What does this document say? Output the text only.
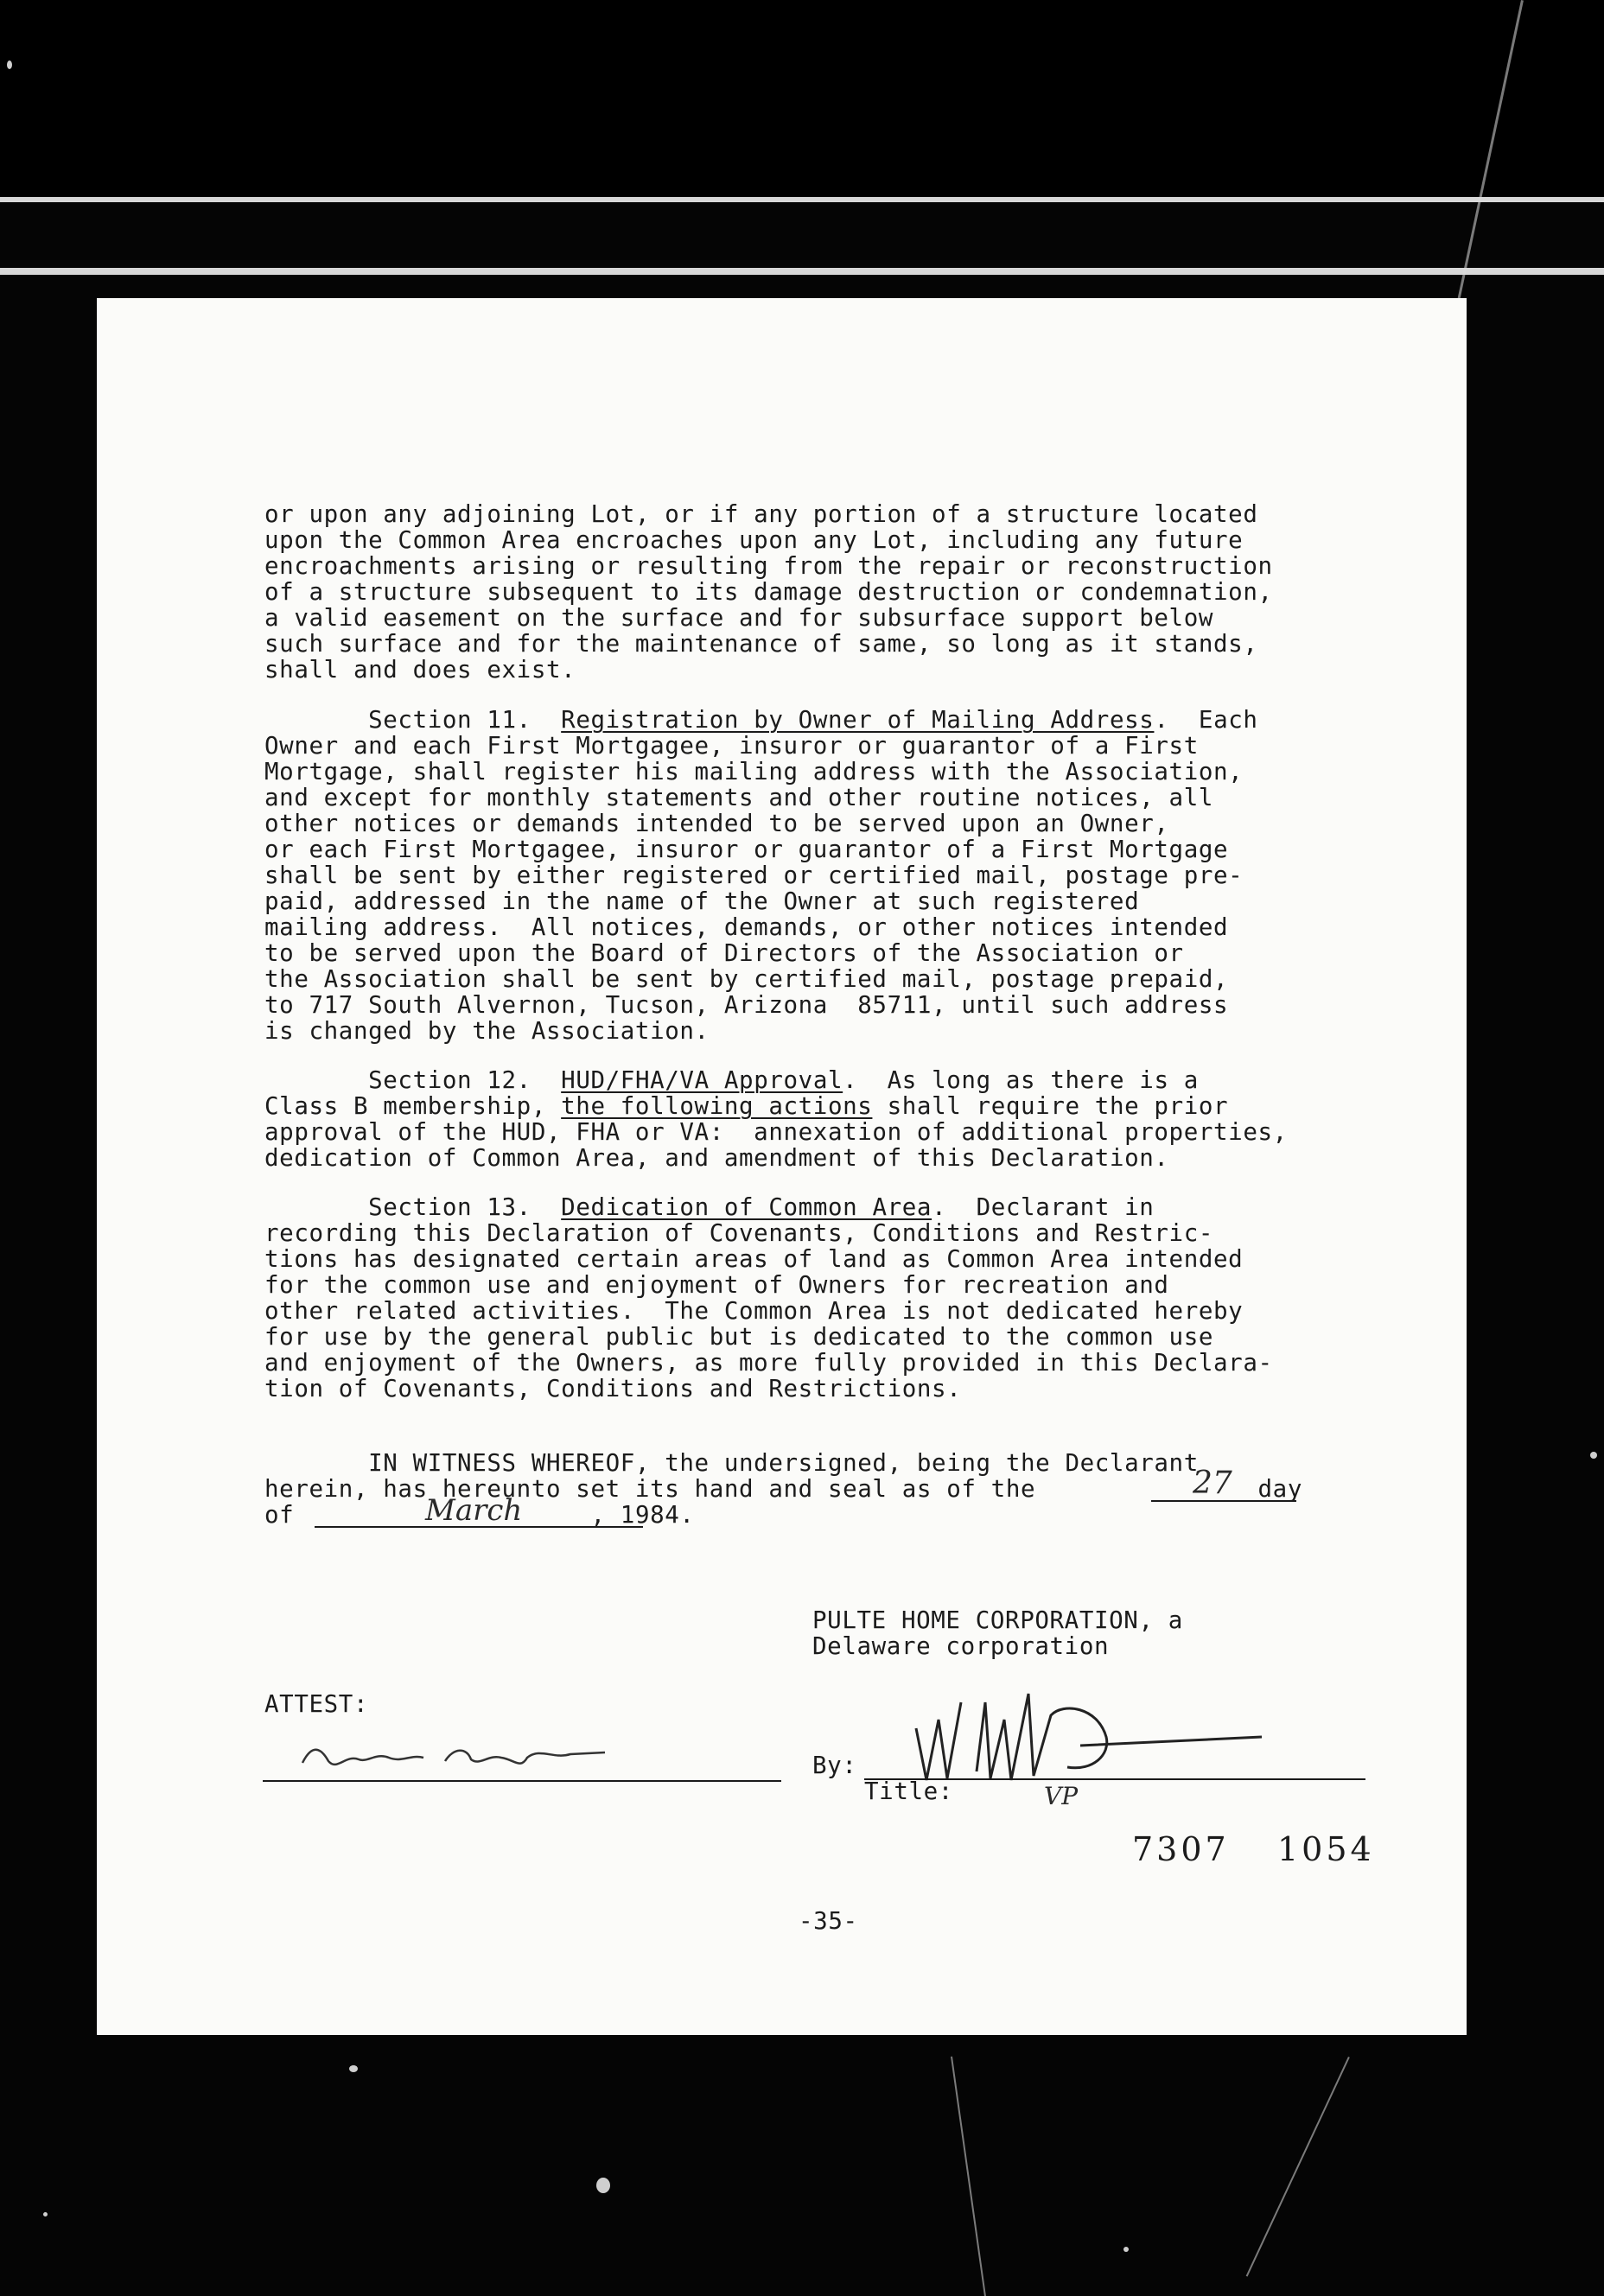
or upon any adjoining Lot, or if any portion of a structure located
upon the Common Area encroaches upon any Lot, including any future
encroachments arising or resulting from the repair or reconstruction
of a structure subsequent to its damage destruction or condemnation,
a valid easement on the surface and for subsurface support below
such surface and for the maintenance of same, so long as it stands,
shall and does exist.
Section 11. Registration by Owner of Mailing Address.  Each
Owner and each First Mortgagee, insuror or guarantor of a First
Mortgage, shall register his mailing address with the Association,
and except for monthly statements and other routine notices, all
other notices or demands intended to be served upon an Owner,
or each First Mortgagee, insuror or guarantor of a First Mortgage
shall be sent by either registered or certified mail, postage pre-
paid, addressed in the name of the Owner at such registered
mailing address.  All notices, demands, or other notices intended
to be served upon the Board of Directors of the Association or
the Association shall be sent by certified mail, postage prepaid,
to 717 South Alvernon, Tucson, Arizona  85711, until such address
is changed by the Association.
Section 12. HUD/FHA/VA Approval.  As long as there is a
Class B membership, the following actions shall require the prior
approval of the HUD, FHA or VA:  annexation of additional properties,
dedication of Common Area, and amendment of this Declaration.
Section 13. Dedication of Common Area.  Declarant in
recording this Declaration of Covenants, Conditions and Restric-
tions has designated certain areas of land as Common Area intended
for the common use and enjoyment of Owners for recreation and
other related activities.  The Common Area is not dedicated hereby
for use by the general public but is dedicated to the common use
and enjoyment of the Owners, as more fully provided in this Declara-
tion of Covenants, Conditions and Restrictions.
IN WITNESS WHEREOF, the undersigned, being the Declarant
herein, has hereunto set its hand and seal as of the	day
of	, 1984.
27
March
PULTE HOME CORPORATION, a
Delaware corporation
ATTEST:
By:
Title:	VP
7307 1054
-35-
